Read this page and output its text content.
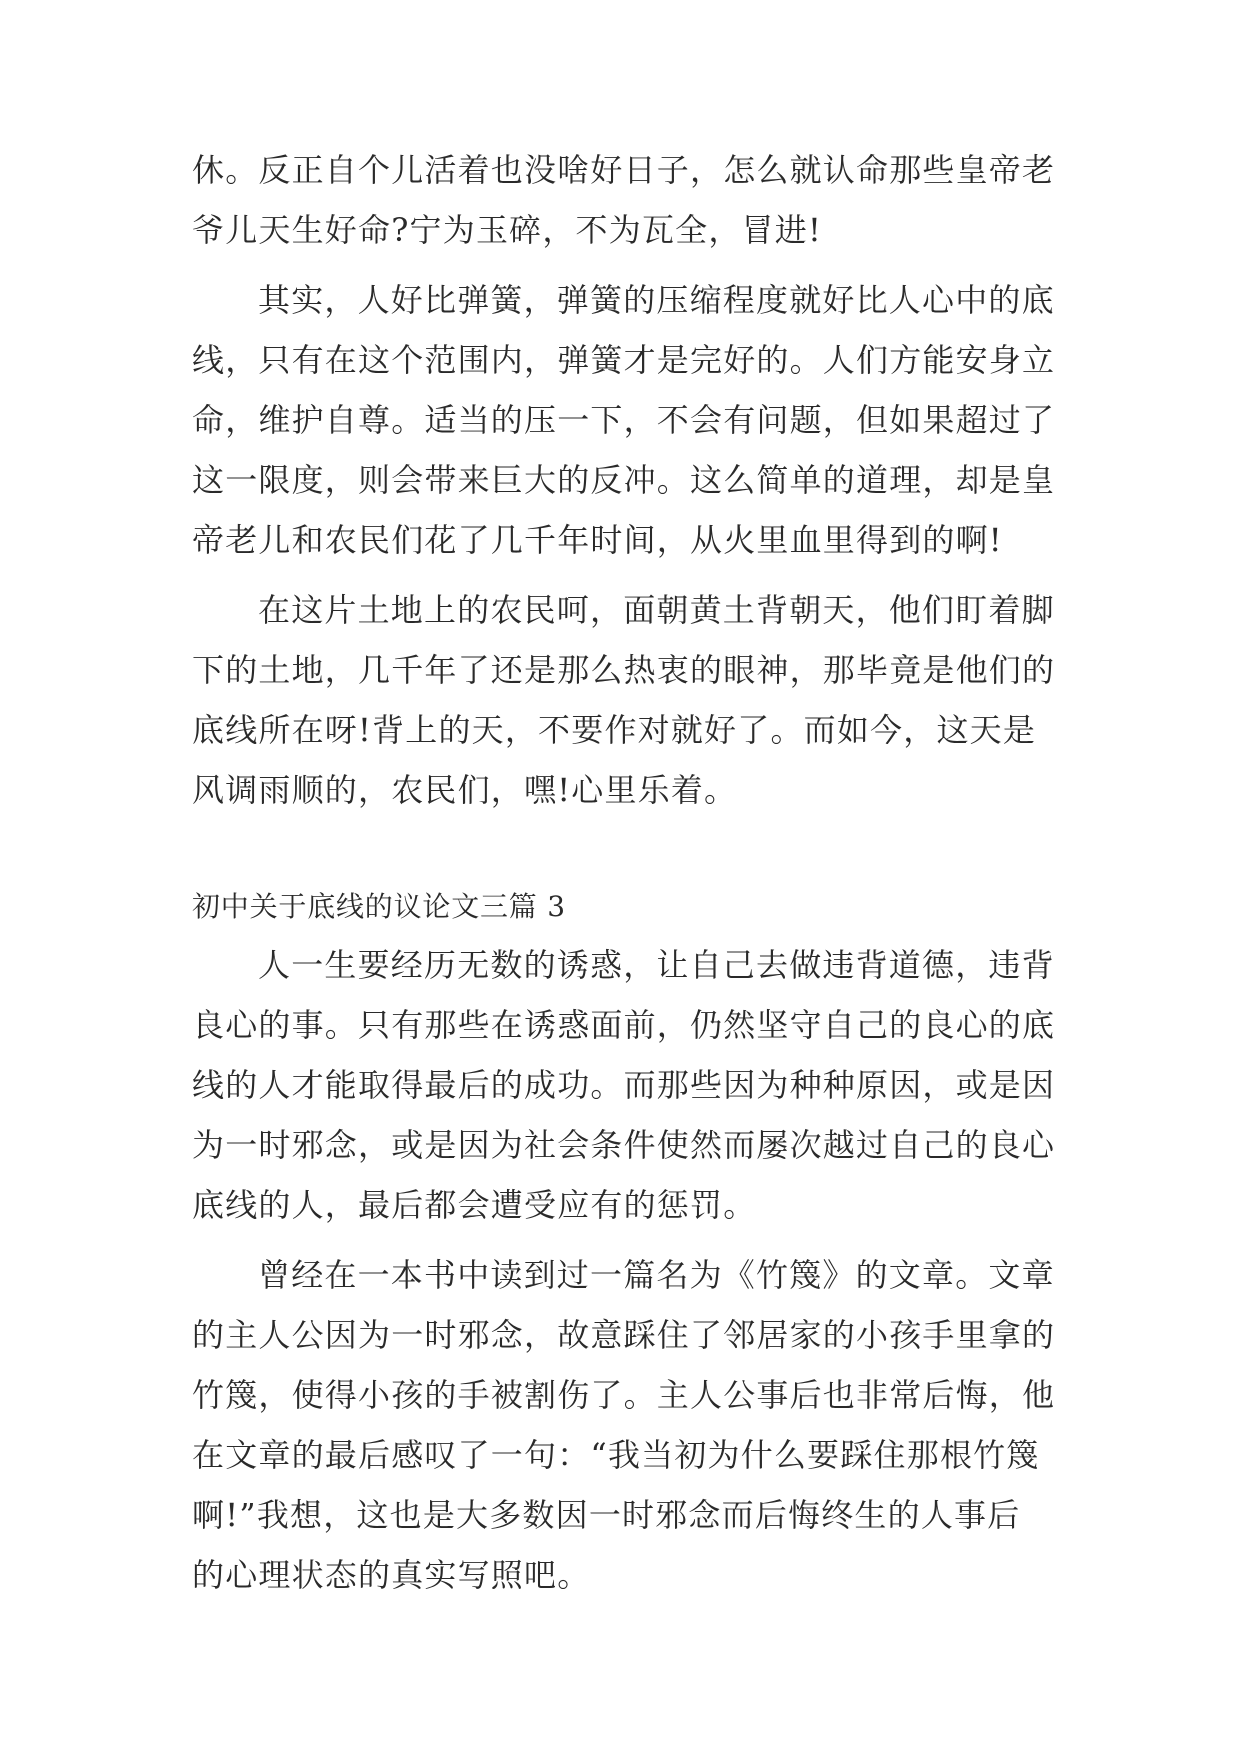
休。反正自个儿活着也没啥好日子，怎么就认命那些皇帝老
爷儿天生好命?宁为玉碎，不为瓦全，冒进!
其实，人好比弹簧，弹簧的压缩程度就好比人心中的底
线，只有在这个范围内，弹簧才是完好的。人们方能安身立
命，维护自尊。适当的压一下，不会有问题，但如果超过了
这一限度，则会带来巨大的反冲。这么简单的道理，却是皇
帝老儿和农民们花了几千年时间，从火里血里得到的啊!
在这片土地上的农民呵，面朝黄土背朝天，他们盯着脚
下的土地，几千年了还是那么热衷的眼神，那毕竟是他们的
底线所在呀!背上的天，不要作对就好了。而如今，这天是
风调雨顺的，农民们，嘿!心里乐着。
初中关于底线的议论文三篇 3
人一生要经历无数的诱惑，让自己去做违背道德，违背
良心的事。只有那些在诱惑面前，仍然坚守自己的良心的底
线的人才能取得最后的成功。而那些因为种种原因，或是因
为一时邪念，或是因为社会条件使然而屡次越过自己的良心
底线的人，最后都会遭受应有的惩罚。
曾经在一本书中读到过一篇名为《竹篾》的文章。文章
的主人公因为一时邪念，故意踩住了邻居家的小孩手里拿的
竹篾，使得小孩的手被割伤了。主人公事后也非常后悔，他
在文章的最后感叹了一句：“我当初为什么要踩住那根竹篾
啊!”我想，这也是大多数因一时邪念而后悔终生的人事后
的心理状态的真实写照吧。
